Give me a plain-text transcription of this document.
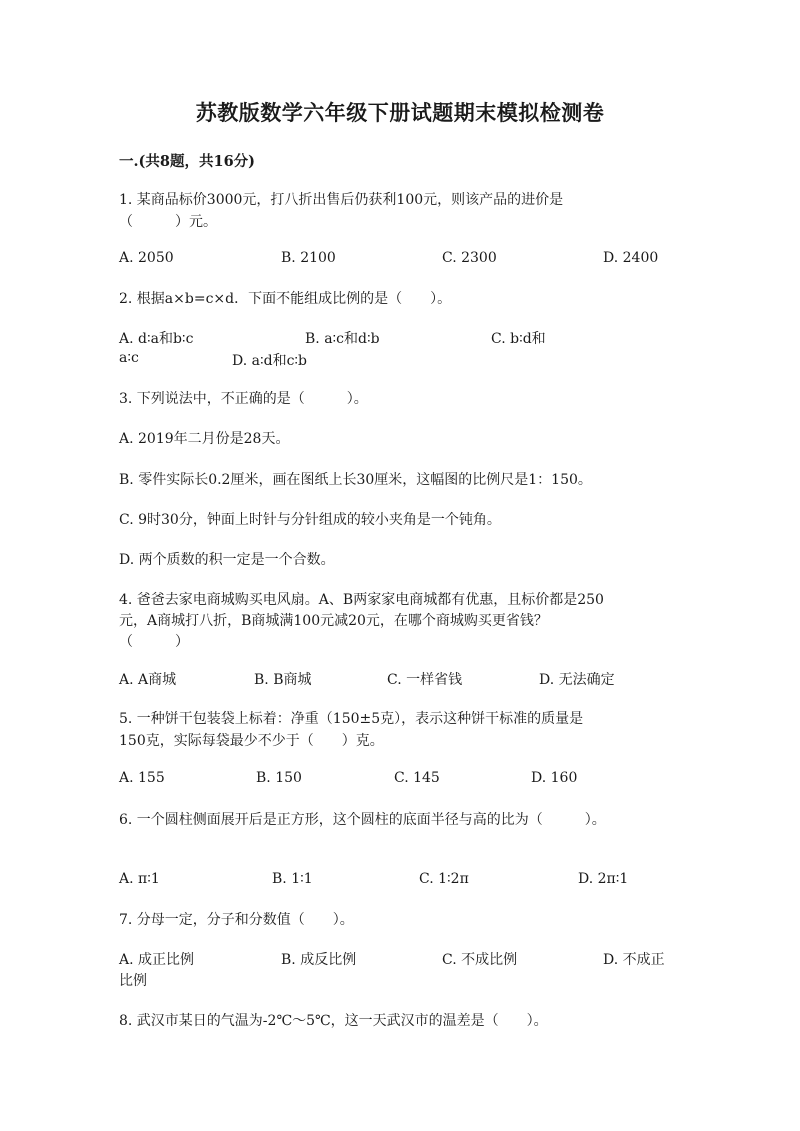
苏教版数学六年级下册试题期末模拟检测卷
一.(共8题，共16分)
1. 某商品标价3000元，打八折出售后仍获利100元，则该产品的进价是
（　　　）元。
A. 2050	B. 2100	C. 2300	D. 2400
2. 根据a×b=c×d．下面不能组成比例的是（　　）。
A. d∶a和b∶c	B. a∶c和d∶b	C. b∶d和
a∶c	D. a∶d和c∶b
3. 下列说法中，不正确的是（　　　）。
A. 2019年二月份是28天。
B. 零件实际长0.2厘米，画在图纸上长30厘米，这幅图的比例尺是1：150。
C. 9时30分，钟面上时针与分针组成的较小夹角是一个钝角。
D. 两个质数的积一定是一个合数。
4. 爸爸去家电商城购买电风扇。A、B两家家电商城都有优惠，且标价都是250
元，A商城打八折，B商城满100元减20元，在哪个商城购买更省钱？
（　　　）
A. A商城	B. B商城	C. 一样省钱	D. 无法确定
5. 一种饼干包装袋上标着：净重（150±5克），表示这种饼干标准的质量是
150克，实际每袋最少不少于（　　）克。
A. 155	B. 150	C. 145	D. 160
6. 一个圆柱侧面展开后是正方形，这个圆柱的底面半径与高的比为（　　　）。
A. π∶1	B. 1∶1	C. 1∶2π	D. 2π∶1
7. 分母一定，分子和分数值（　　）。
A. 成正比例	B. 成反比例	C. 不成比例	D. 不成正
比例
8. 武汉市某日的气温为-2℃～5℃，这一天武汉市的温差是（　　）。
